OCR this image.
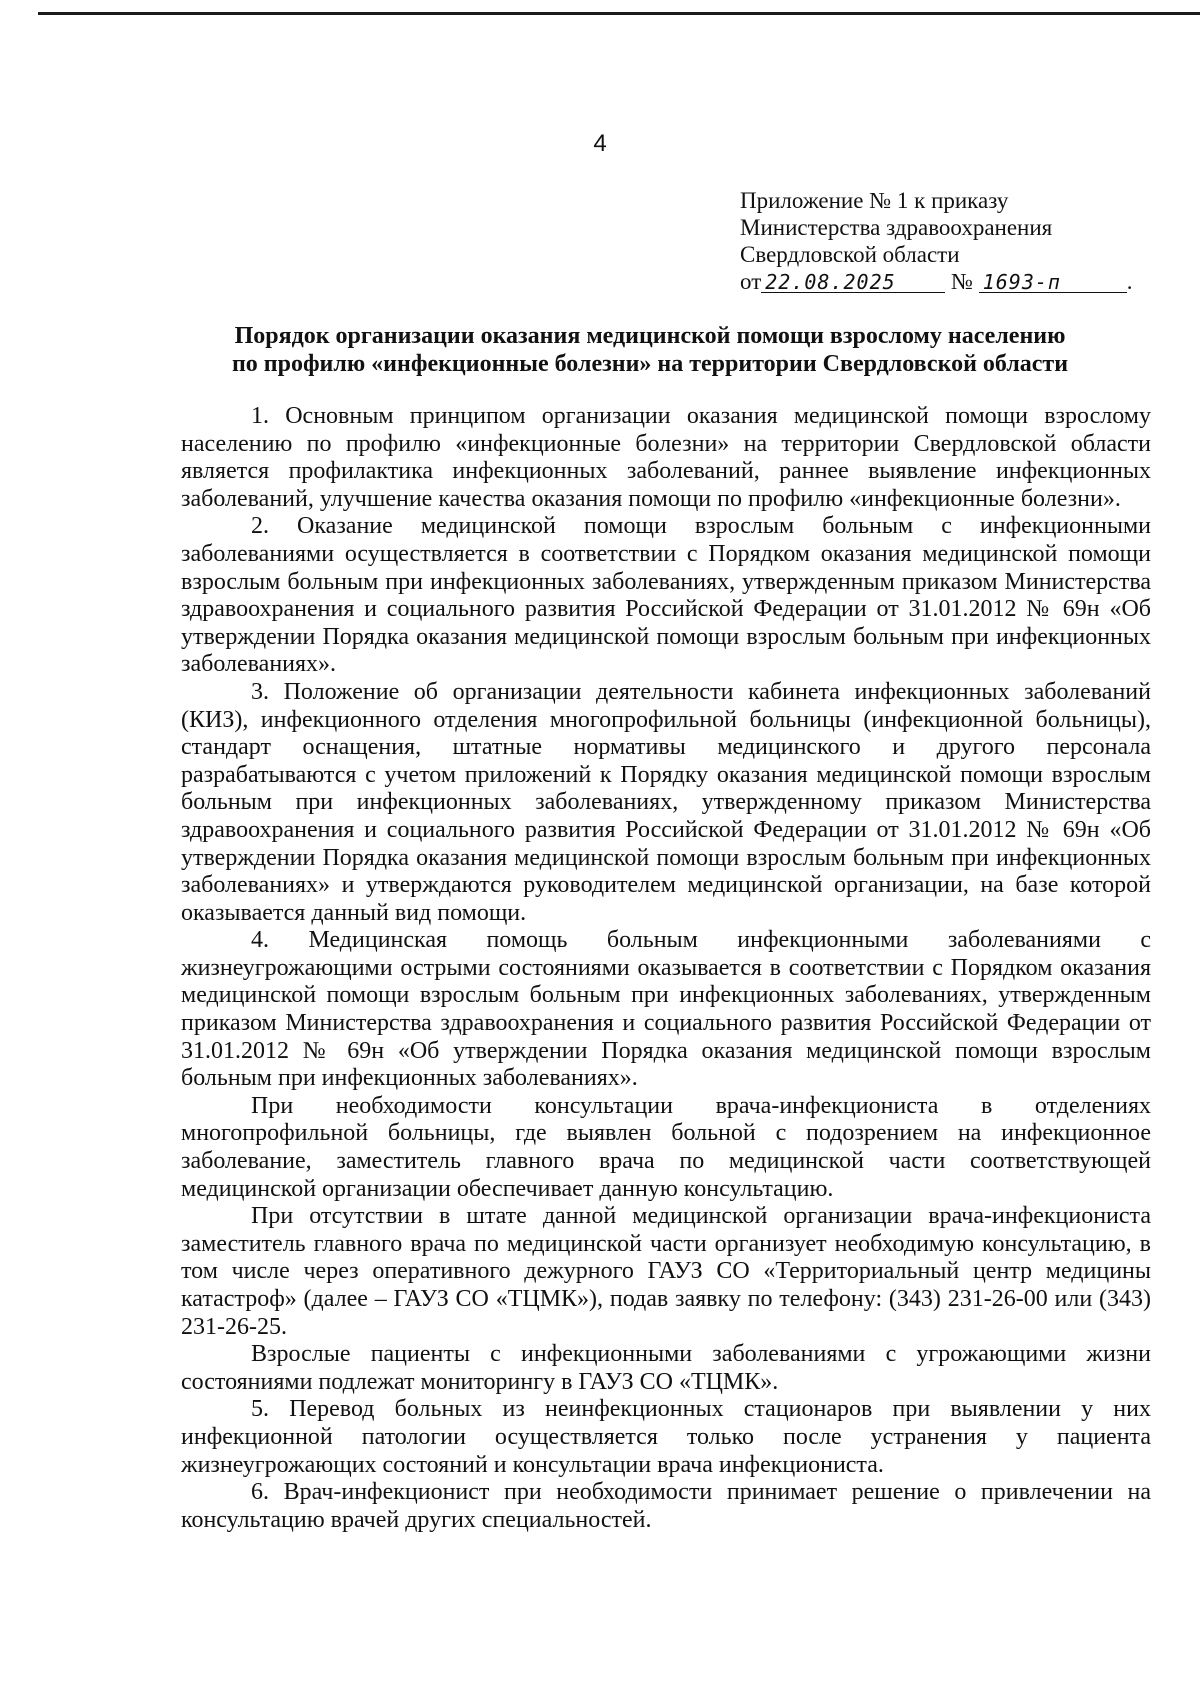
4
Приложение № 1 к приказу
Министерства здравоохранения
Свердловской области
от 22.08.2025 № 1693-п	.
Порядок организации оказания медицинской помощи взрослому населению
по профилю «инфекционные болезни» на территории Свердловской области

1. Основным принципом организации оказания медицинской помощи взрослому населению по профилю «инфекционные болезни» на территории Свердловской области является профилактика инфекционных заболеваний, раннее выявление инфекционных заболеваний, улучшение качества оказания помощи по профилю «инфекционные болезни».

2. Оказание медицинской помощи взрослым больным с инфекционными заболеваниями осуществляется в соответствии с Порядком оказания медицинской помощи взрослым больным при инфекционных заболеваниях, утвержденным приказом Министерства здравоохранения и социального развития Российской Федерации от 31.01.2012 № 69н «Об утверждении Порядка оказания медицинской помощи взрослым больным при инфекционных заболеваниях».

3. Положение об организации деятельности кабинета инфекционных заболеваний (КИЗ), инфекционного отделения многопрофильной больницы (инфекционной больницы), стандарт оснащения, штатные нормативы медицинского и другого персонала разрабатываются с учетом приложений к Порядку оказания медицинской помощи взрослым больным при инфекционных заболеваниях, утвержденному приказом Министерства здравоохранения и социального развития Российской Федерации от 31.01.2012 № 69н «Об утверждении Порядка оказания медицинской помощи взрослым больным при инфекционных заболеваниях» и утверждаются руководителем медицинской организации, на базе которой оказывается данный вид помощи.

4. Медицинская помощь больным инфекционными заболеваниями с жизнеугрожающими острыми состояниями оказывается в соответствии с Порядком оказания медицинской помощи взрослым больным при инфекционных заболеваниях, утвержденным приказом Министерства здравоохранения и социального развития Российской Федерации от 31.01.2012 № 69н «Об утверждении Порядка оказания медицинской помощи взрослым больным при инфекционных заболеваниях».

При необходимости консультации врача-инфекциониста в отделениях многопрофильной больницы, где выявлен больной с подозрением на инфекционное заболевание, заместитель главного врача по медицинской части соответствующей медицинской организации обеспечивает данную консультацию.

При отсутствии в штате данной медицинской организации врача-инфекциониста заместитель главного врача по медицинской части организует необходимую консультацию, в том числе через оперативного дежурного ГАУЗ СО «Территориальный центр медицины катастроф» (далее – ГАУЗ СО «ТЦМК»), подав заявку по телефону: (343) 231-26-00 или (343) 231-26-25.

Взрослые пациенты с инфекционными заболеваниями с угрожающими жизни состояниями подлежат мониторингу в ГАУЗ СО «ТЦМК».

5. Перевод больных из неинфекционных стационаров при выявлении у них инфекционной патологии осуществляется только после устранения у пациента жизнеугрожающих состояний и консультации врача инфекциониста.

6. Врач-инфекционист при необходимости принимает решение о привлечении на консультацию врачей других специальностей.
